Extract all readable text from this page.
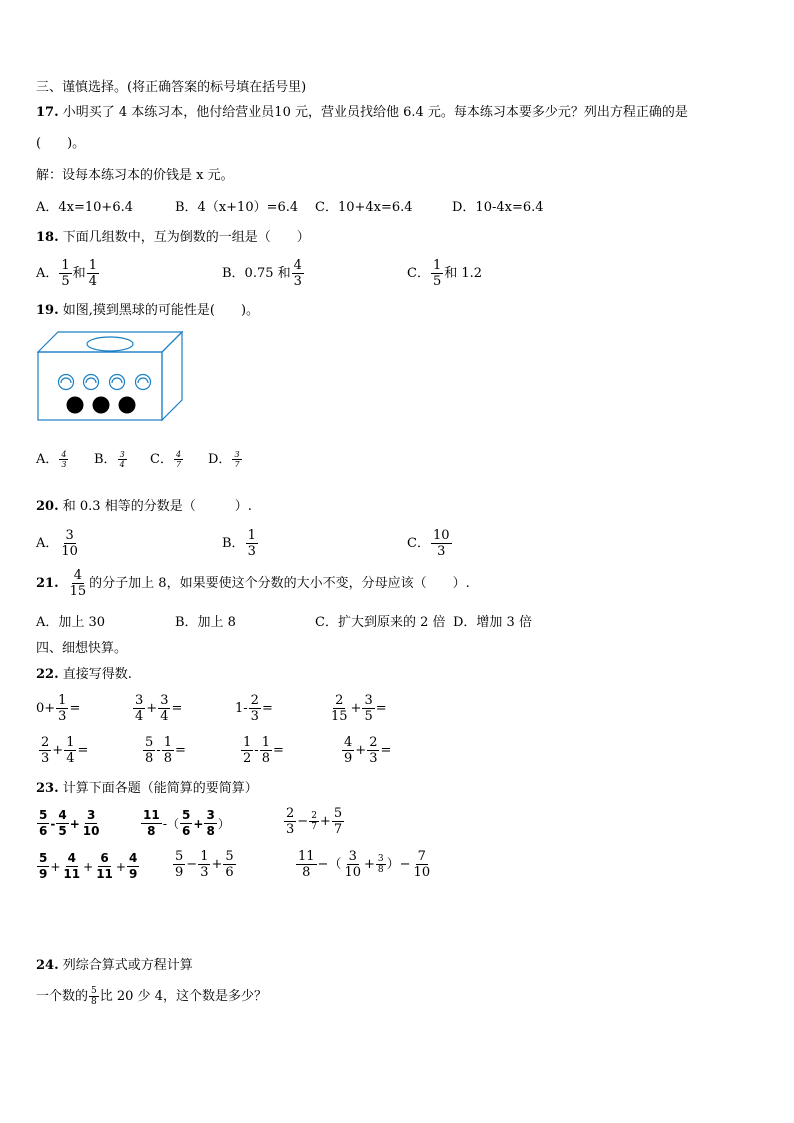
三、谨慎选择。(将正确答案的标号填在括号里)
17. 小明买了 4 本练习本，他付给营业员10 元，营业员找给他 6.4 元。每本练习本要多少元？列出方程正确的是
(　　)。
解：设每本练习本的价钱是 x 元。
A．4x=10+6.4	B．4（x+10）=6.4 C．10+4x=6.4	D．10-4x=6.4
18. 下面几组数中，互为倒数的一组是（　　）
A． 1
5
和 1
4
B．0.75 和 4
3
C． 1
5
和 1.2
19. 如图,摸到黑球的可能性是(　　)。
A． 4
3 B． 3
4 C． 4
7 D． 3
7
20. 和 0.3 相等的分数是（　　　）.
A． 3
10
B． 1
3
C． 10
3
21. 4
15
的分子加上 8，如果要使这个分数的大小不变，分母应该（　　）.
A．加上 30	B．加上 8	C．扩大到原来的 2 倍 D．增加 3 倍
四、细想快算。
22. 直接写得数.
$0+ \frac{1}{3}$ =	3
4
+ $\frac{3}{4}$ =	$1- \frac{2}{3}$ =	2
15
+ $\frac{3}{5}$ =
2
3
+ $\frac{1}{4}$ =	5
8
- $\frac{1}{8}$ =	1
2
- $\frac{1}{8}$ =	4
9
+ $\frac{2}{3}$ =
23. 计算下面各题（能简算的要简算）
5
6
-
4
5
+ $\frac{3}{10}$	11
8 -（
5
6
+ $\frac{3}{8}$ ）
2
3
− $\frac{2}{7} + \frac{5}{7}$
5
9
+ $\frac{4}{11} + \frac{6}{11} + \frac{4}{9}$	5
9
− $\frac{1}{3} + \frac{5}{6}$	11
8
−（ 3
10
+ $\frac{3}{8}$ ）− $\frac{7}{10}$
24. 列综合算式或方程计算
一个数的 5
8 比 20 少 4，这个数是多少？
